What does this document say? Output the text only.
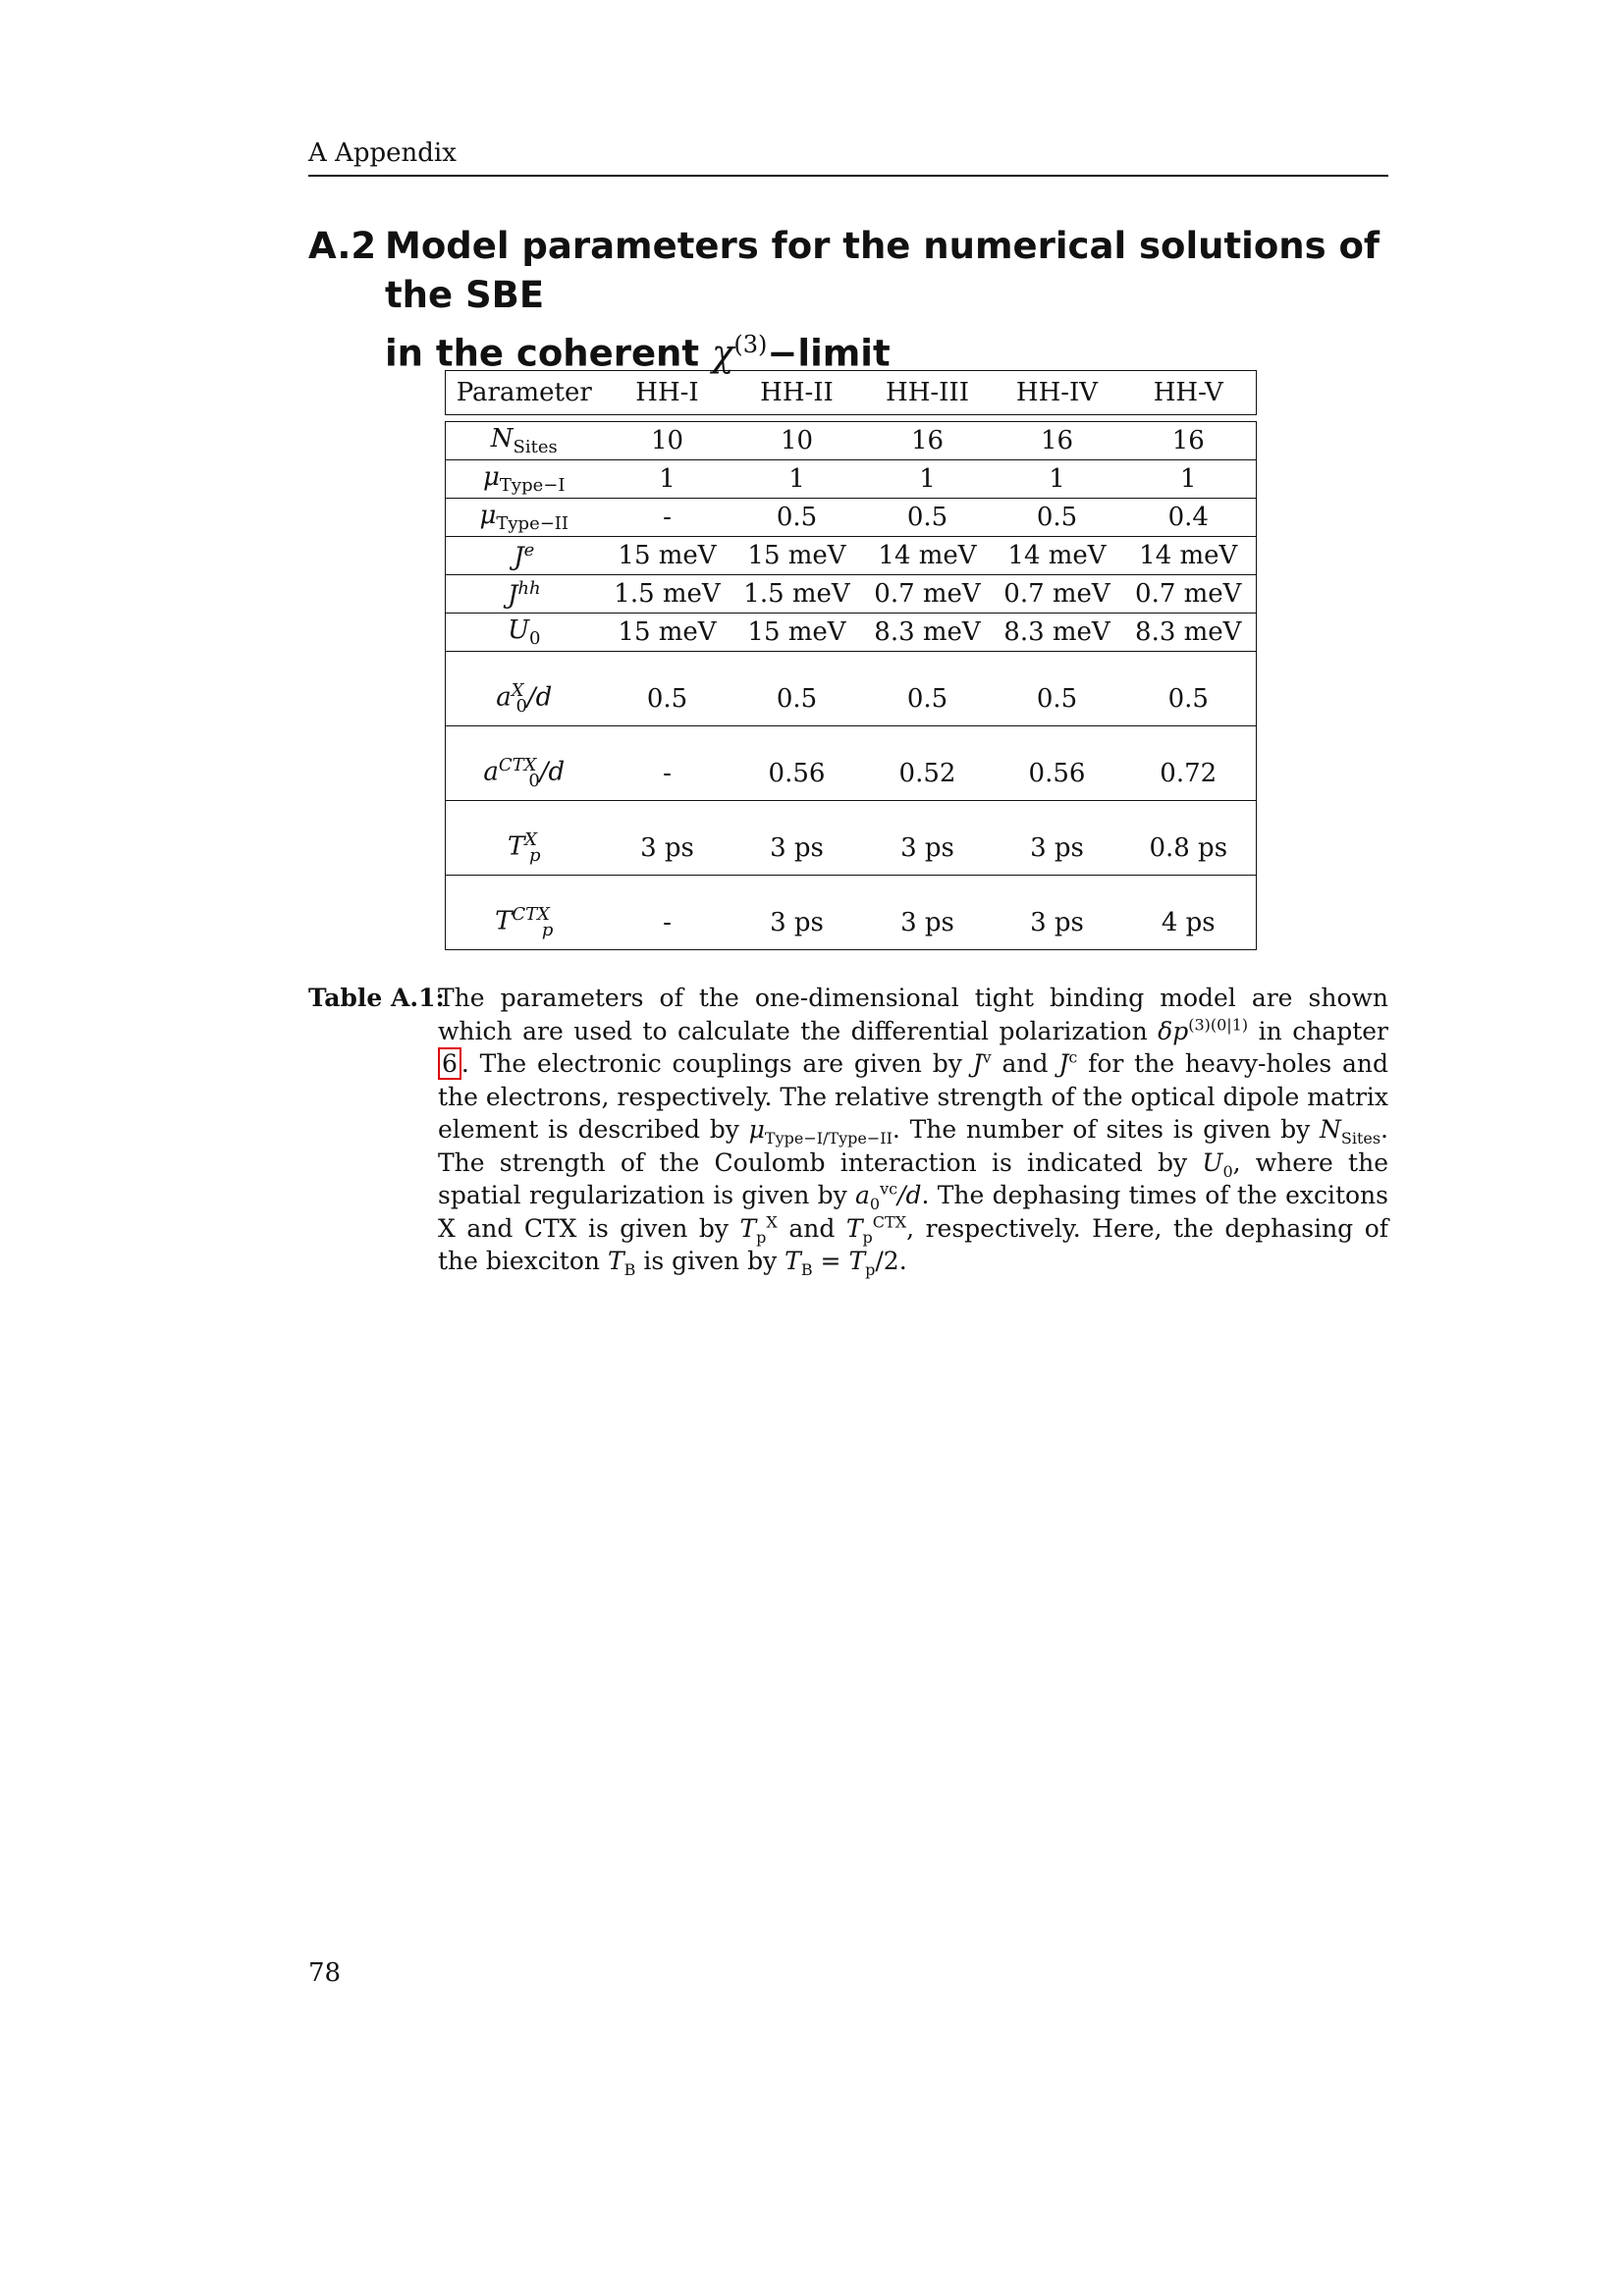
A Appendix
A.2 Model parameters for the numerical solutions of the SBE
in the coherent $\chi^{(3)}-limit$
Parameter	HH-I	HH-II	HH-III	HH-IV	HH-V

$N_{Sites}$	10	10	16	16	16
$\mu_{Type-I}$	1	1	1	1	1
$\mu_{Type-II}$	-	0.5	0.5	0.5	0.4
$J^e$	15 meV	15 meV	14 meV	14 meV	14 meV
$J^{hh}$	1.5 meV	1.5 meV	0.7 meV	0.7 meV	0.7 meV
$U_0$	15 meV	15 meV	8.3 meV	8.3 meV	8.3 meV
$a^X_0/d$	0.5	0.5	0.5	0.5	0.5
$a^{CTX}_0/d$	-	0.56	0.52	0.56	0.72
$T^X_p$	3 ps	3 ps	3 ps	3 ps	0.8 ps
$T^{CTX}_p$	-	3 ps	3 ps	3 ps	4 ps
Table A.1:
The parameters of the one-dimensional tight binding model are shown which are used to calculate the differential polarization $\delta p^{(3)(0|1)}$ in chapter 6 . The electronic couplings are given by $J^v$ and $J^c$ for the heavy-holes and the electrons, respectively. The relative strength of the optical dipole matrix element is described by $\mu_{Type-I/Type-II}$. The number of sites is given by $N_{Sites}$. The strength of the Coulomb interaction is indicated by $U_0$, where the spatial regularization is given by $a_0^{vc}/d$. The dephasing times of the excitons X and CTX is given by $T_p^X$ and $T_p^{CTX}$, respectively. Here, the dephasing of the biexciton $T_B$ is given by $T_B = T_p/2$.
78
